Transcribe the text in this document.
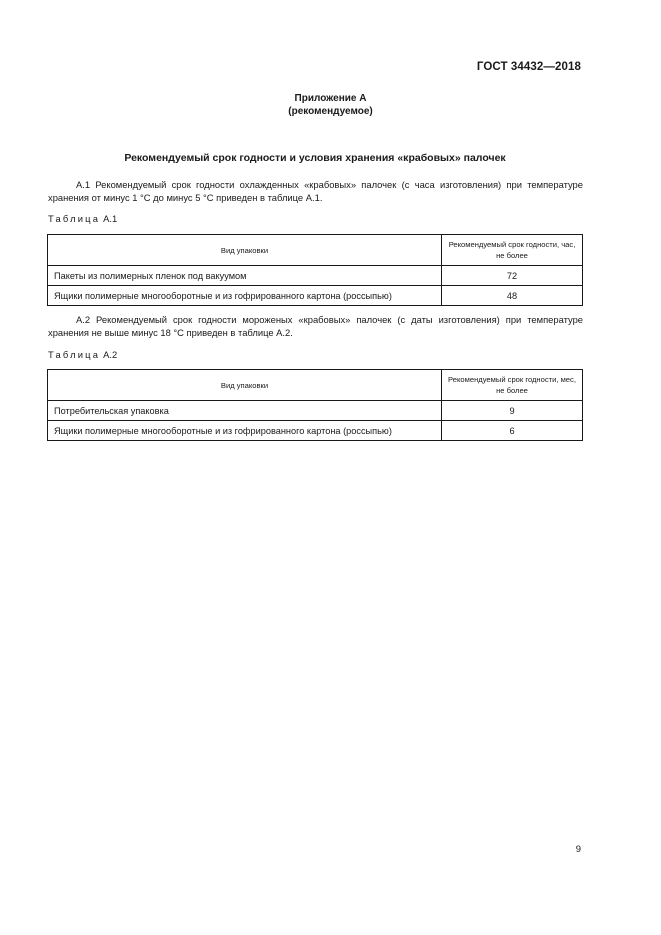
ГОСТ 34432—2018
Приложение А
(рекомендуемое)
Рекомендуемый срок годности и условия хранения «крабовых» палочек
А.1 Рекомендуемый срок годности охлажденных «крабовых» палочек (с часа изготовления) при температуре хранения от минус 1 °С до минус 5 °С приведен в таблице А.1.
Таблица А.1
Вид упаковки	Рекомендуемый срок годности, час, не более
Пакеты из полимерных пленок под вакуумом	72
Ящики полимерные многооборотные и из гофрированного картона (россыпью)	48
А.2 Рекомендуемый срок годности мороженых «крабовых» палочек (с даты изготовления) при температуре хранения не выше минус 18 °С приведен в таблице А.2.
Таблица А.2
Вид упаковки	Рекомендуемый срок годности, мес, не более
Потребительская упаковка	9
Ящики полимерные многооборотные и из гофрированного картона (россыпью)	6
9
